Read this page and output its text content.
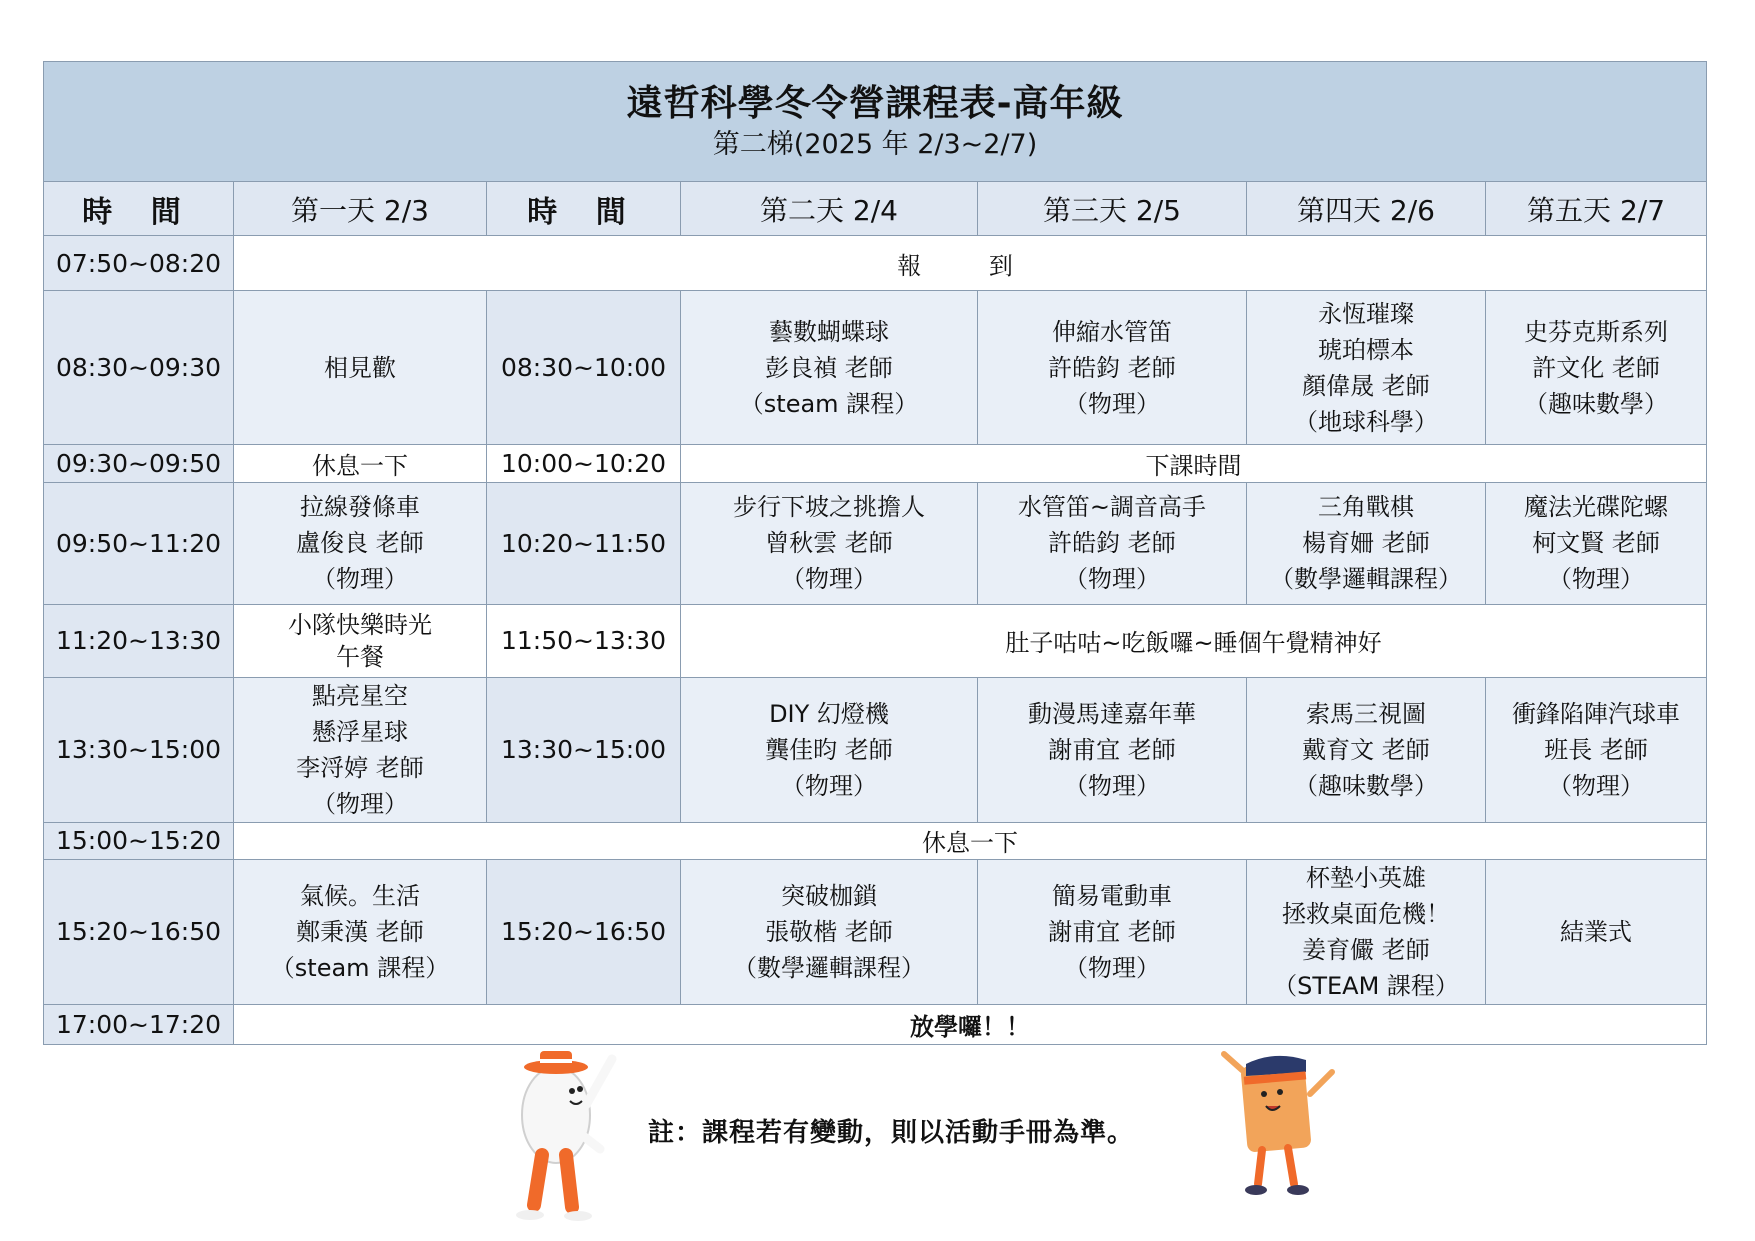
遠哲科學冬令營課程表-高年級
第二梯(2025 年 2/3~2/7)						

時 間	第一天 2/3	時 間	第二天 2/4	第三天 2/5	第四天 2/6	第五天 2/7
07:50~08:20	報 到					
08:30~09:30	相見歡	08:30~10:00	藝數蝴蝶球
彭良禎 老師
（steam 課程）	伸縮水管笛
許皓鈞 老師
（物理）	永恆璀璨
琥珀標本
顏偉晟 老師
（地球科學）	史芬克斯系列
許文化 老師
（趣味數學）

09:30~09:50	休息一下	10:00~10:20	下課時間			
09:50~11:20	拉線發條車
盧俊良 老師
（物理）	10:20~11:50	步行下坡之挑擔人
曾秋雲 老師
（物理）	水管笛~調音高手
許皓鈞 老師
（物理）	三角戰棋
楊育姍 老師
（數學邏輯課程）	魔法光碟陀螺
柯文賢 老師
（物理）

11:20~13:30	小隊快樂時光
午餐	11:50~13:30	肚子咕咕~吃飯囉~睡個午覺精神好			
13:30~15:00	點亮星空
懸浮星球
李浖婷 老師
（物理）	13:30~15:00	DIY 幻燈機
龔佳昀 老師
（物理）	動漫馬達嘉年華
謝甫宜 老師
（物理）	索馬三視圖
戴育文 老師
（趣味數學）	衝鋒陷陣汽球車
班長 老師
（物理）

15:00~15:20	休息一下					
15:20~16:50	氣候。生活
鄭秉漢 老師
（steam 課程）	15:20~16:50	突破枷鎖
張敬楷 老師
（數學邏輯課程）	簡易電動車
謝甫宜 老師
（物理）	杯墊小英雄
拯救桌面危機！
姜育儼 老師
（STEAM 課程）	結業式

17:00~17:20	放學囉！！					
註：課程若有變動，則以活動手冊為準。
